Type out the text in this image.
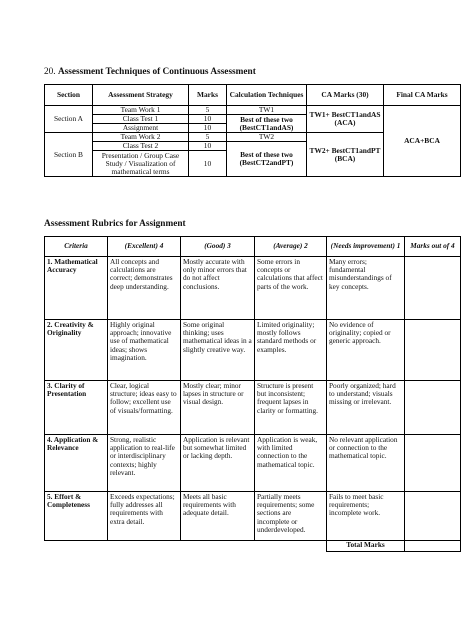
20. Assessment Techniques of Continuous Assessment
Section	Assessment Strategy	Marks	Calculation Techniques	CA Marks (30)	Final CA Marks
Section A	Team Work 1	5	TW1	TW1+ BestCT1andAS (ACA)	ACA+BCA
	Class Test 1	10	Best of these two (BestCT1andAS)		
	Assignment	10			
Section B	Team Work 2	5	TW2	TW2+ BestCT1andPT (BCA)	
	Class Test 2	10	Best of these two (BestCT2andPT)		
	Presentation / Group Case Study / Visualization of mathematical terms	10			
Assessment Rubrics for Assignment
Criteria	(Excellent) 4	(Good) 3	(Average) 2	(Needs improvement) 1	Marks out of 4
1. Mathematical Accuracy	All concepts and calculations are correct; demonstrates deep understanding.	Mostly accurate with only minor errors that do not affect conclusions.	Some errors in concepts or calculations that affect parts of the work.	Many errors; fundamental misunderstandings of key concepts.	
2. Creativity & Originality	Highly original approach; innovative use of mathematical ideas; shows imagination.	Some original thinking; uses mathematical ideas in a slightly creative way.	Limited originality; mostly follows standard methods or examples.	No evidence of originality; copied or generic approach.	
3. Clarity of Presentation	Clear, logical structure; ideas easy to follow; excellent use of visuals/formatting.	Mostly clear; minor lapses in structure or visual design.	Structure is present but inconsistent; frequent lapses in clarity or formatting.	Poorly organized; hard to understand; visuals missing or irrelevant.	
4. Application & Relevance	Strong, realistic application to real-life or interdisciplinary contexts; highly relevant.	Application is relevant but somewhat limited or lacking depth.	Application is weak, with limited connection to the mathematical topic.	No relevant application or connection to the mathematical topic.	
5. Effort & Completeness	Exceeds expectations; fully addresses all requirements with extra detail.	Meets all basic requirements with adequate detail.	Partially meets requirements; some sections are incomplete or underdeveloped.	Fails to meet basic requirements; incomplete work.	
				Total Marks	
